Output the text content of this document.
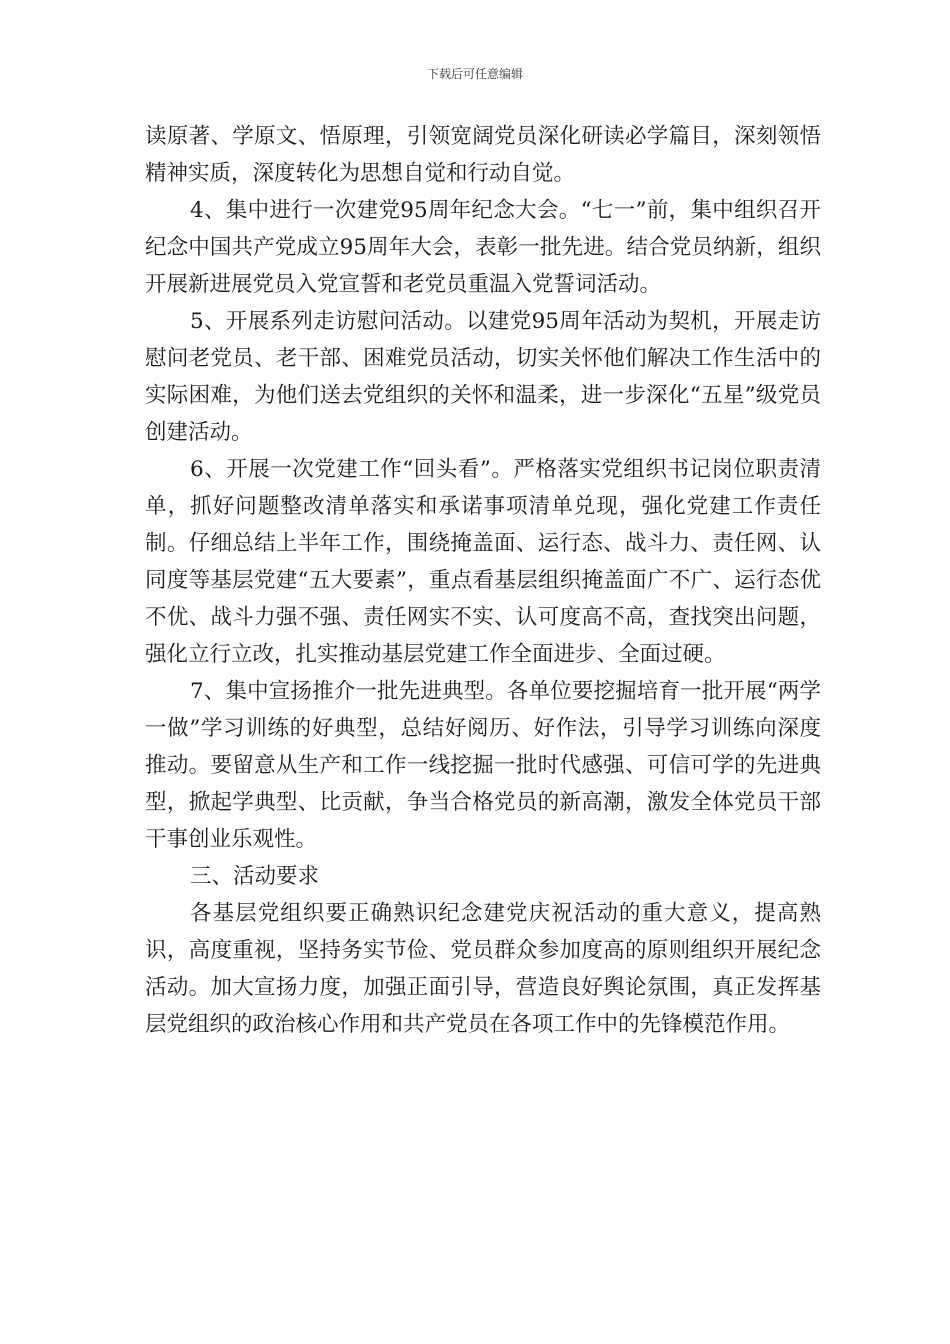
下载后可任意编辑

读原著、学原文、悟原理，引领宽阔党员深化研读必学篇目，深刻领悟精神实质，深度转化为思想自觉和行动自觉。

4、集中进行一次建党95周年纪念大会。“七一”前，集中组织召开纪念中国共产党成立95周年大会，表彰一批先进。结合党员纳新，组织开展新进展党员入党宣誓和老党员重温入党誓词活动。

5、开展系列走访慰问活动。以建党95周年活动为契机，开展走访慰问老党员、老干部、困难党员活动，切实关怀他们解决工作生活中的实际困难，为他们送去党组织的关怀和温柔，进一步深化“五星”级党员创建活动。

6、开展一次党建工作“回头看”。严格落实党组织书记岗位职责清单，抓好问题整改清单落实和承诺事项清单兑现，强化党建工作责任制。仔细总结上半年工作，围绕掩盖面、运行态、战斗力、责任网、认同度等基层党建“五大要素”，重点看基层组织掩盖面广不广、运行态优不优、战斗力强不强、责任网实不实、认可度高不高，查找突出问题，强化立行立改，扎实推动基层党建工作全面进步、全面过硬。

7、集中宣扬推介一批先进典型。各单位要挖掘培育一批开展“两学一做”学习训练的好典型，总结好阅历、好作法，引导学习训练向深度推动。要留意从生产和工作一线挖掘一批时代感强、可信可学的先进典型，掀起学典型、比贡献，争当合格党员的新高潮，激发全体党员干部干事创业乐观性。

三、活动要求

各基层党组织要正确熟识纪念建党庆祝活动的重大意义，提高熟识，高度重视，坚持务实节俭、党员群众参加度高的原则组织开展纪念活动。加大宣扬力度，加强正面引导，营造良好舆论氛围，真正发挥基层党组织的政治核心作用和共产党员在各项工作中的先锋模范作用。
